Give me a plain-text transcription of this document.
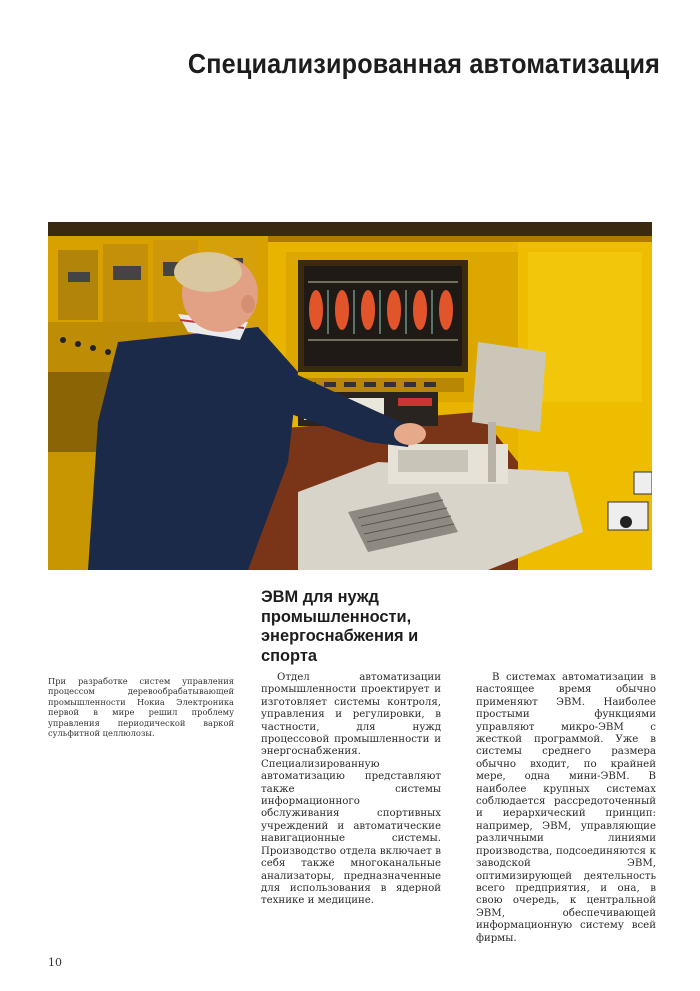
Специализированная автоматизация
При разработке систем управления процессом деревообрабатывающей промышленности Нокиа Электроника первой в мире решил проблему управления периодической варкой сульфитной целлюлозы.
ЭВМ для нужд промышленности, энергоснабжения и спорта

Отдел автоматизации промышленности проектирует и изготовляет системы контроля, управления и регулировки, в частности, для нужд процессовой промышленности и энергоснабжения. Специализированную автоматизацию представляют также системы информационного обслуживания спортивных учреждений и автоматические навигационные системы. Производство отдела включает в себя также многоканальные анализаторы, предназначенные для использования в ядерной технике и медицине.

В системах автоматизации в настоящее время обычно применяют ЭВМ. Наиболее простыми функциями управляют микро-ЭВМ с жесткой программой. Уже в системы среднего размера обычно входит, по крайней мере, одна мини-ЭВМ. В наиболее крупных системах соблюдается рассредоточенный и иерархический принцип: например, ЭВМ, управляющие различными линиями производства, подсоединяются к заводской ЭВМ, оптимизирующей деятельность всего предприятия, и она, в свою очередь, к центральной ЭВМ, обеспечивающей информационную систему всей фирмы.

10
